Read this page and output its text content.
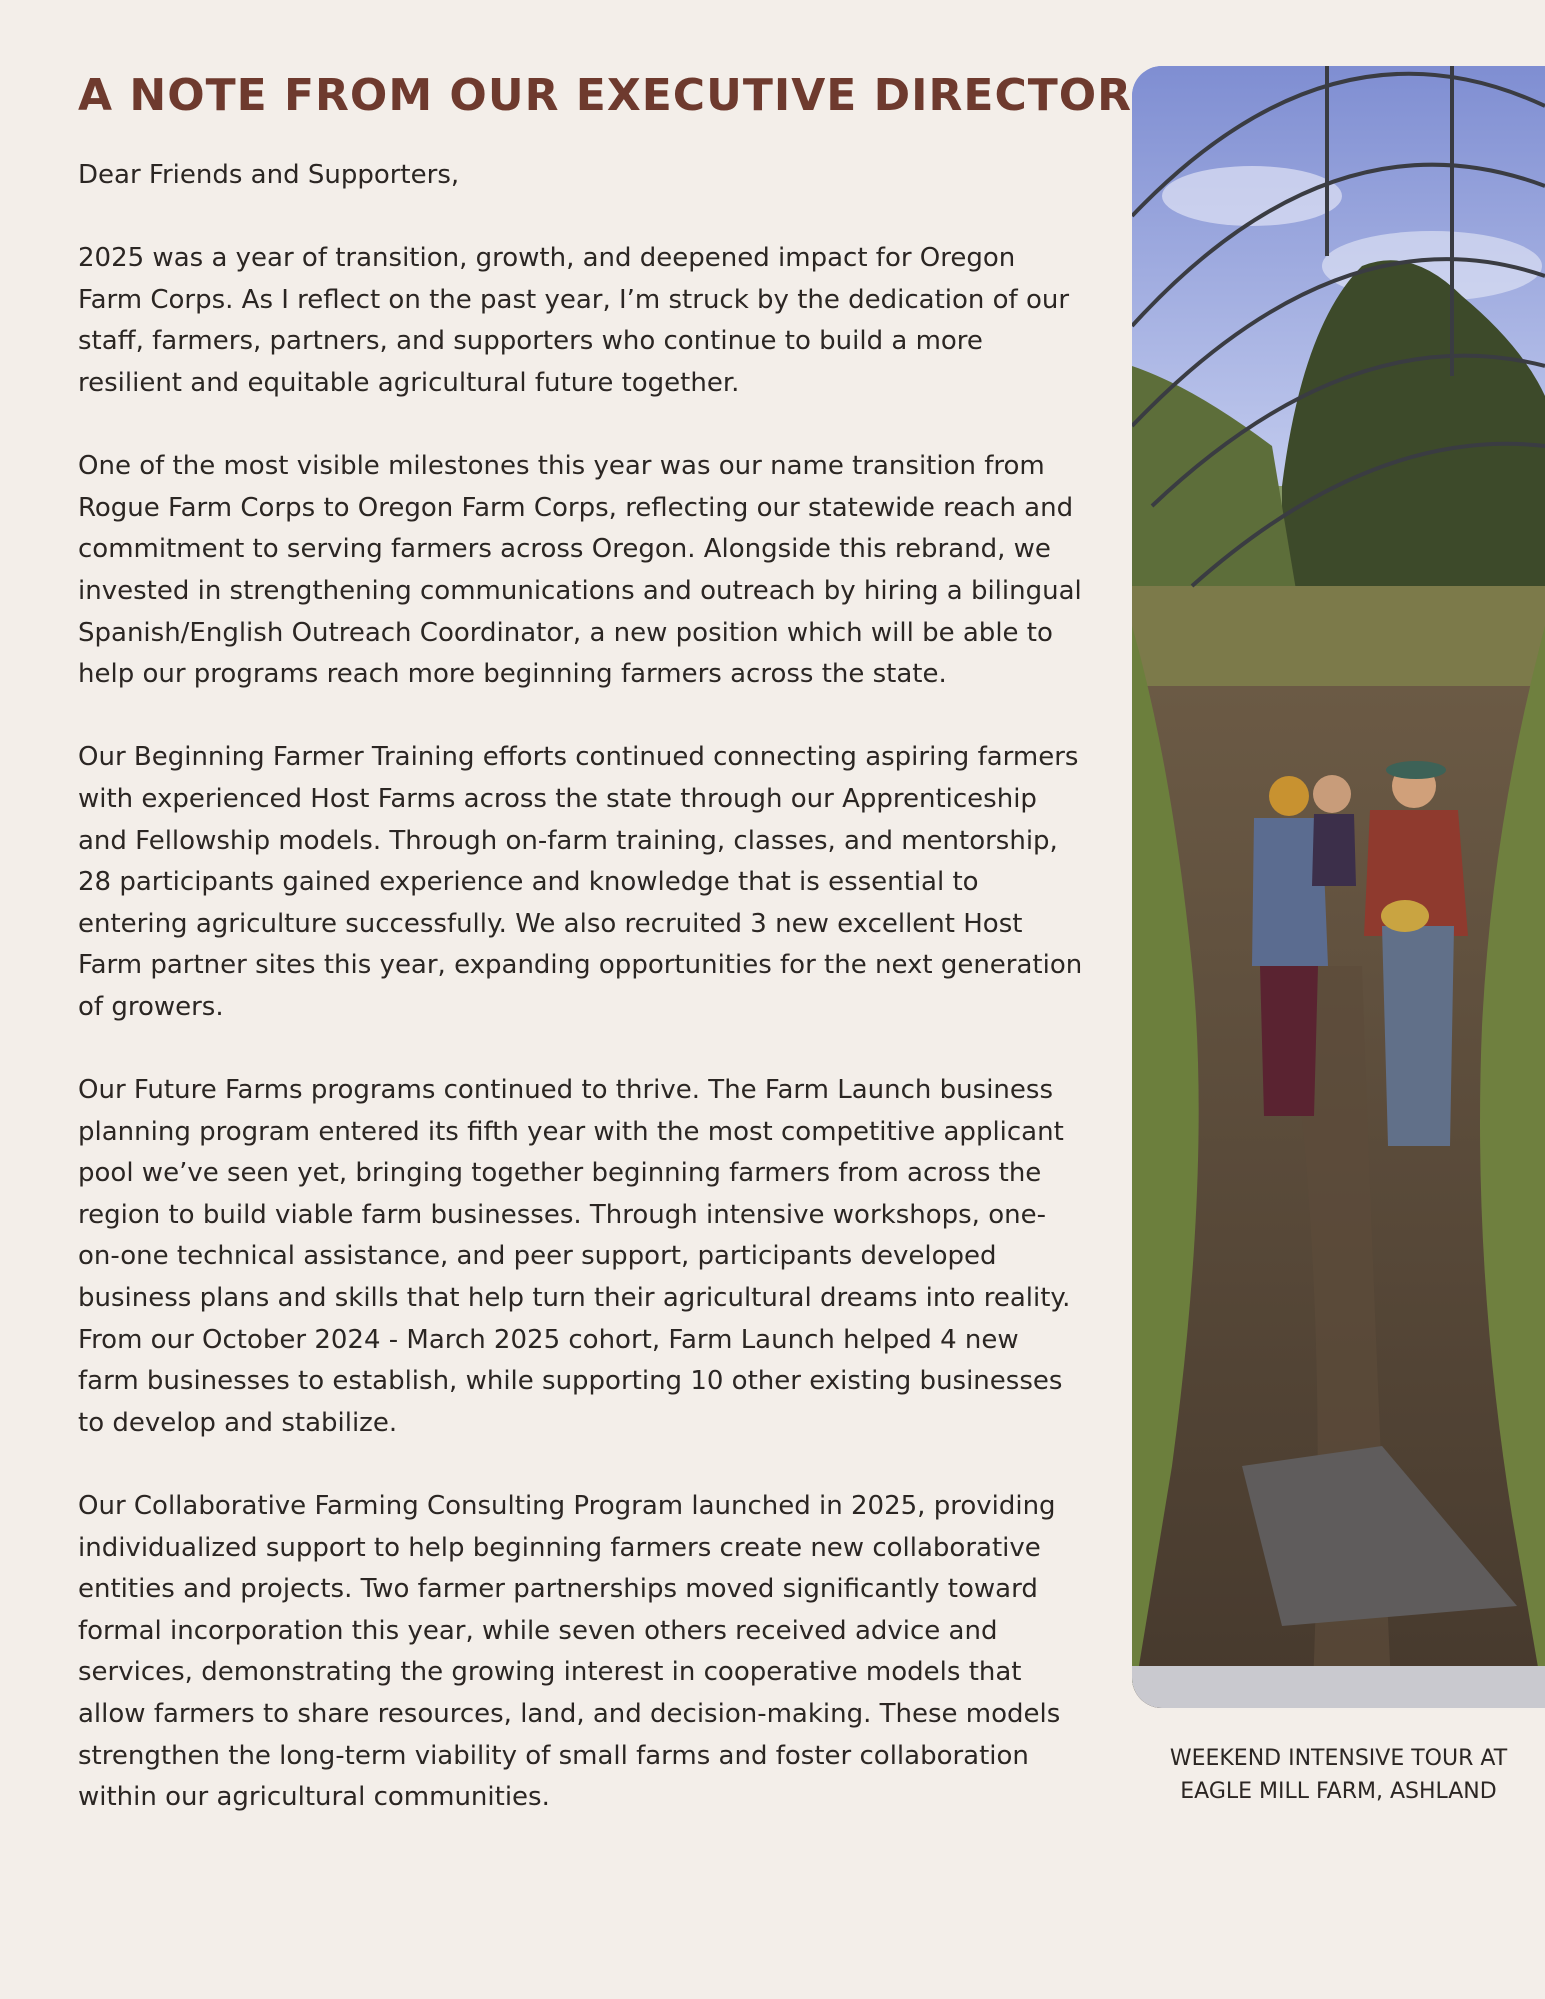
A NOTE FROM OUR EXECUTIVE DIRECTOR

Dear Friends and Supporters,

2025 was a year of transition, growth, and deepened impact for Oregon Farm Corps. As I reflect on the past year, I’m struck by the dedication of our staff, farmers, partners, and supporters who continue to build a more resilient and equitable agricultural future together.

One of the most visible milestones this year was our name transition from Rogue Farm Corps to Oregon Farm Corps, reflecting our statewide reach and commitment to serving farmers across Oregon. Alongside this rebrand, we invested in strengthening communications and outreach by hiring a bilingual Spanish/English Outreach Coordinator, a new position which will be able to help our programs reach more beginning farmers across the state.

Our Beginning Farmer Training efforts continued connecting aspiring farmers with experienced Host Farms across the state through our Apprenticeship and Fellowship models. Through on-farm training, classes, and mentorship, 28 participants gained experience and knowledge that is essential to entering agriculture successfully. We also recruited 3 new excellent Host Farm partner sites this year, expanding opportunities for the next generation of growers.

Our Future Farms programs continued to thrive. The Farm Launch business planning program entered its fifth year with the most competitive applicant pool we’ve seen yet, bringing together beginning farmers from across the region to build viable farm businesses. Through intensive workshops, one-on-one technical assistance, and peer support, participants developed business plans and skills that help turn their agricultural dreams into reality. From our October 2024 - March 2025 cohort, Farm Launch helped 4 new farm businesses to establish, while supporting 10 other existing businesses to develop and stabilize.

Our Collaborative Farming Consulting Program launched in 2025, providing individualized support to help beginning farmers create new collaborative entities and projects. Two farmer partnerships moved significantly toward formal incorporation this year, while seven others received advice and services, demonstrating the growing interest in cooperative models that allow farmers to share resources, land, and decision-making. These models strengthen the long-term viability of small farms and foster collaboration within our agricultural communities.

WEEKEND INTENSIVE TOUR AT EAGLE MILL FARM, ASHLAND
